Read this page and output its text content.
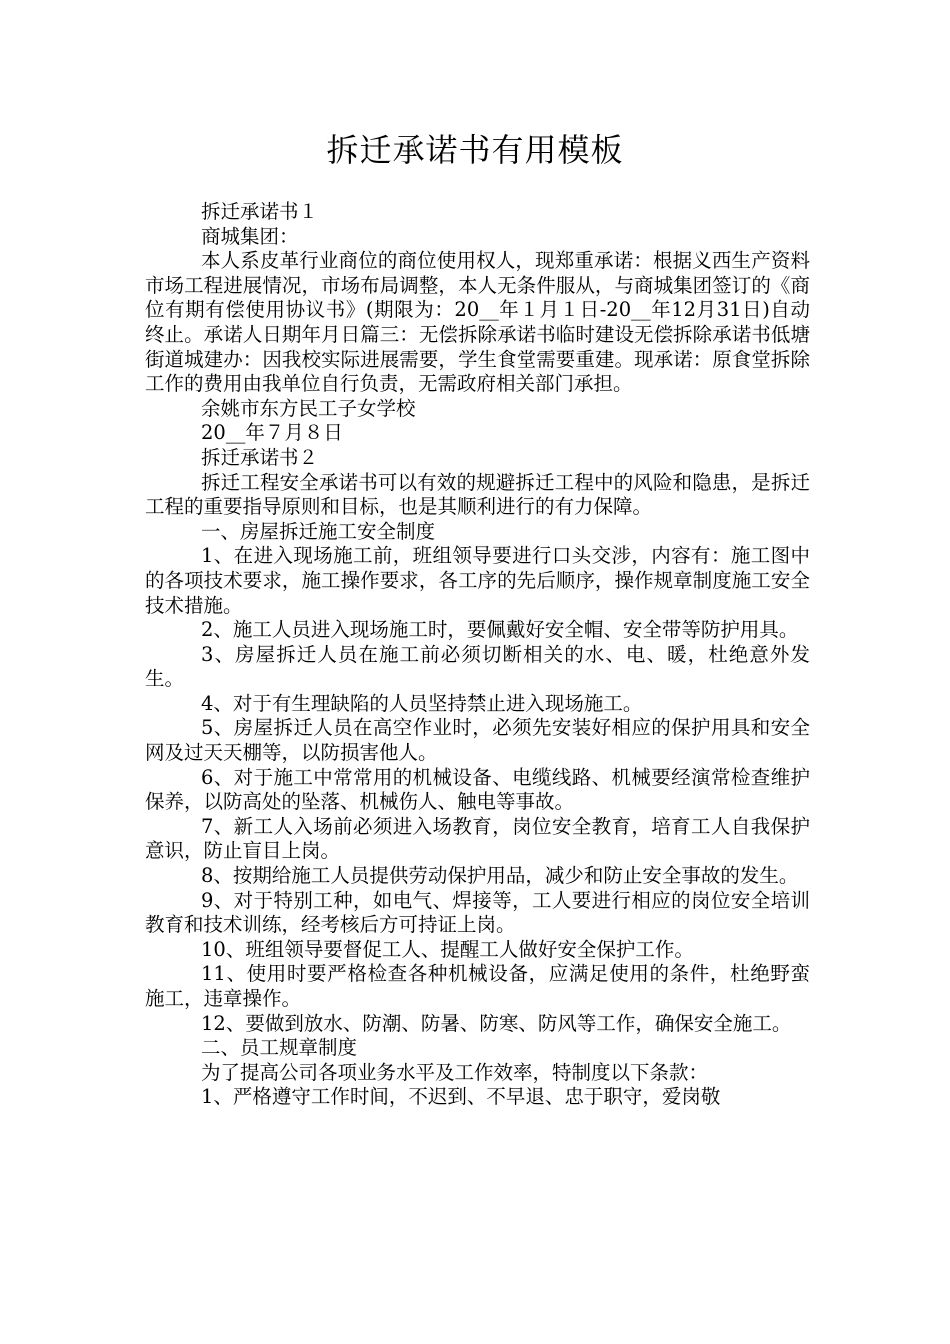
拆迁承诺书有用模板

拆迁承诺书１

商城集团：

本人系皮革行业商位的商位使用权人，现郑重承诺：根据义西生产资料市场工程进展情况，市场布局调整，本人无条件服从，与商城集团签订的《商位有期有偿使用协议书》(期限为：20__年１月１日-20__年12月31日)自动终止。承诺人日期年月日篇三：无偿拆除承诺书临时建设无偿拆除承诺书低塘街道城建办：因我校实际进展需要，学生食堂需要重建。现承诺：原食堂拆除工作的费用由我单位自行负责，无需政府相关部门承担。

余姚市东方民工子女学校

20__年７月８日

拆迁承诺书２

拆迁工程安全承诺书可以有效的规避拆迁工程中的风险和隐患，是拆迁工程的重要指导原则和目标，也是其顺利进行的有力保障。

一、房屋拆迁施工安全制度

1、在进入现场施工前，班组领导要进行口头交涉，内容有：施工图中的各项技术要求，施工操作要求，各工序的先后顺序，操作规章制度施工安全技术措施。

2、施工人员进入现场施工时，要佩戴好安全帽、安全带等防护用具。

3、房屋拆迁人员在施工前必须切断相关的水、电、暖，杜绝意外发生。

4、对于有生理缺陷的人员坚持禁止进入现场施工。

5、房屋拆迁人员在高空作业时，必须先安装好相应的保护用具和安全网及过天天棚等，以防损害他人。

6、对于施工中常常用的机械设备、电缆线路、机械要经演常检查维护保养，以防高处的坠落、机械伤人、触电等事故。

7、新工人入场前必须进入场教育，岗位安全教育，培育工人自我保护意识，防止盲目上岗。

8、按期给施工人员提供劳动保护用品，减少和防止安全事故的发生。

9、对于特别工种，如电气、焊接等，工人要进行相应的岗位安全培训教育和技术训练，经考核后方可持证上岗。

10、班组领导要督促工人、提醒工人做好安全保护工作。

11、使用时要严格检查各种机械设备，应满足使用的条件，杜绝野蛮施工，违章操作。

12、要做到放水、防潮、防暑、防寒、防风等工作，确保安全施工。

二、员工规章制度

为了提高公司各项业务水平及工作效率，特制度以下条款：

1、严格遵守工作时间，不迟到、不早退、忠于职守，爱岗敬
